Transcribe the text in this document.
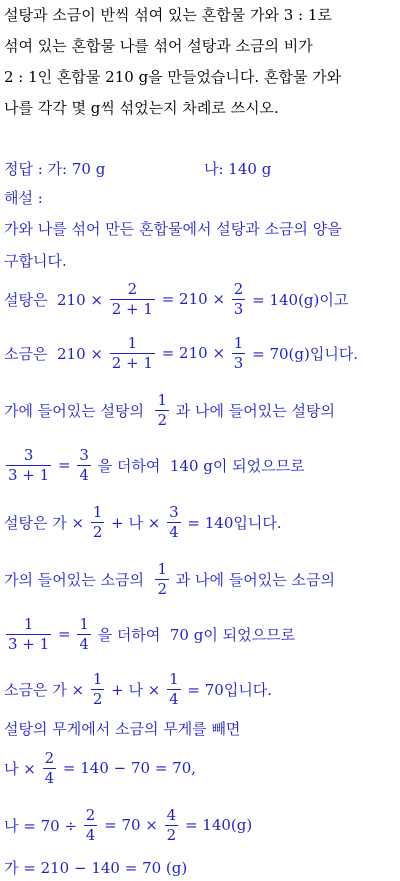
설탕과 소금이 반씩 섞여 있는 혼합물 가와 3 : 1로
섞여 있는 혼합물 나를 섞어 설탕과 소금의 비가
2 : 1인 혼합물 210 g을 만들었습니다. 혼합물 가와
나를 각각 몇 g씩 섞었는지 차례로 쓰시오.
정답 : 가: 70 g	나: 140 g
해설 :
가와 나를 섞어 만든 혼합물에서 설탕과 소금의 양을
구합니다.
설탕은  $210 \times \frac{2}{2 + 1} = 210 \times \frac{2}{3} = 140(g)$이고
소금은  $210 \times \frac{1}{2 + 1} = 210 \times \frac{1}{3} = 70(g)$입니다.
가에 들어있는 설탕의 $\frac{1}{2}$ 과 나에 들어있는 설탕의
$\frac{3}{3 + 1} = \frac{3}{4}$ 을 더하여  140 g이 되었으므로
설탕은 가 × $\frac{1}{2}$ + 나 × $\frac{3}{4} = 140$입니다.
가의 들어있는 소금의 $\frac{1}{2}$ 과 나에 들어있는 소금의
$\frac{1}{3 + 1} = \frac{1}{4}$ 을 더하여  70 g이 되었으므로
소금은 가 × $\frac{1}{2}$ + 나 × $\frac{1}{4} = 70$입니다.
설탕의 무게에서 소금의 무게를 빼면
나 × $\frac{2}{4} = 140 - 70 = 70$,
나 = $70 \div \frac{2}{4} = 70 \times \frac{4}{2} = 140(g)$
가 = 210 − 140 = 70 (g)
